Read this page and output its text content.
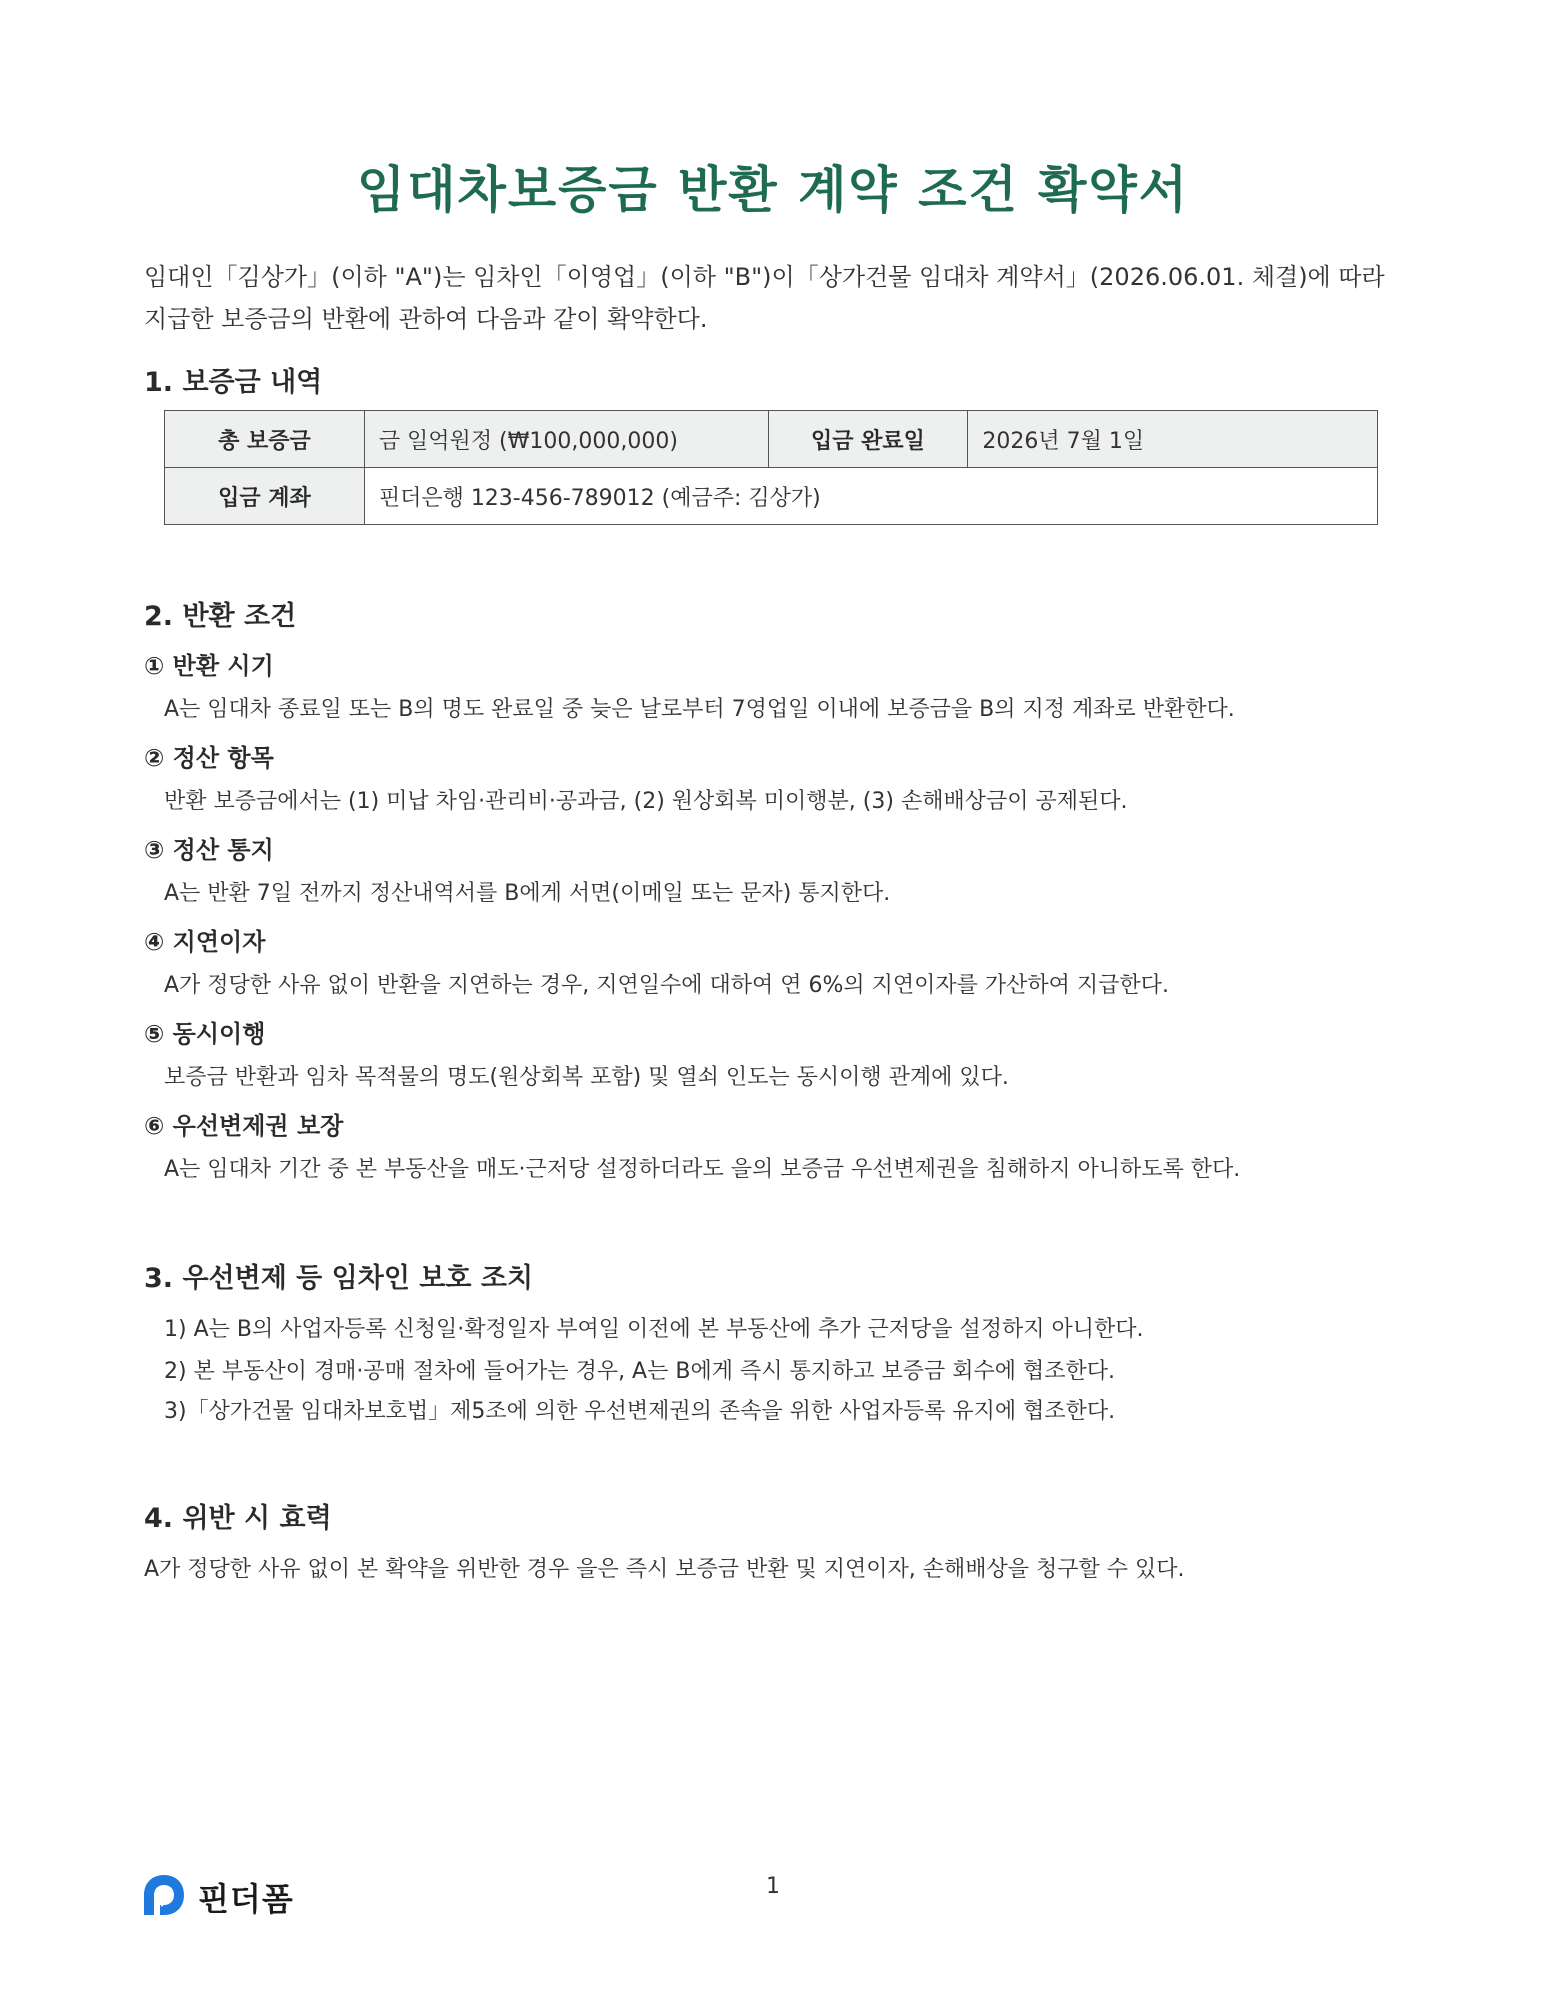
임대차보증금 반환 계약 조건 확약서
임대인「김상가」(이하 "A")는 임차인「이영업」(이하 "B")이「상가건물 임대차 계약서」(2026.06.01. 체결)에 따라 지급한 보증금의 반환에 관하여 다음과 같이 확약한다.
1. 보증금 내역
총 보증금	금 일억원정 (₩100,000,000)	입금 완료일	2026년 7월 1일
입금 계좌	핀더은행 123-456-789012 (예금주: 김상가)		
2. 반환 조건
① 반환 시기
A는 임대차 종료일 또는 B의 명도 완료일 중 늦은 날로부터 7영업일 이내에 보증금을 B의 지정 계좌로 반환한다.
② 정산 항목
반환 보증금에서는 (1) 미납 차임·관리비·공과금, (2) 원상회복 미이행분, (3) 손해배상금이 공제된다.
③ 정산 통지
A는 반환 7일 전까지 정산내역서를 B에게 서면(이메일 또는 문자) 통지한다.
④ 지연이자
A가 정당한 사유 없이 반환을 지연하는 경우, 지연일수에 대하여 연 6%의 지연이자를 가산하여 지급한다.
⑤ 동시이행
보증금 반환과 임차 목적물의 명도(원상회복 포함) 및 열쇠 인도는 동시이행 관계에 있다.
⑥ 우선변제권 보장
A는 임대차 기간 중 본 부동산을 매도·근저당 설정하더라도 을의 보증금 우선변제권을 침해하지 아니하도록 한다.
3. 우선변제 등 임차인 보호 조치
1) A는 B의 사업자등록 신청일·확정일자 부여일 이전에 본 부동산에 추가 근저당을 설정하지 아니한다.
2) 본 부동산이 경매·공매 절차에 들어가는 경우, A는 B에게 즉시 통지하고 보증금 회수에 협조한다.
3)「상가건물 임대차보호법」제5조에 의한 우선변제권의 존속을 위한 사업자등록 유지에 협조한다.
4. 위반 시 효력
A가 정당한 사유 없이 본 확약을 위반한 경우 을은 즉시 보증금 반환 및 지연이자, 손해배상을 청구할 수 있다.
1
핀더폼
